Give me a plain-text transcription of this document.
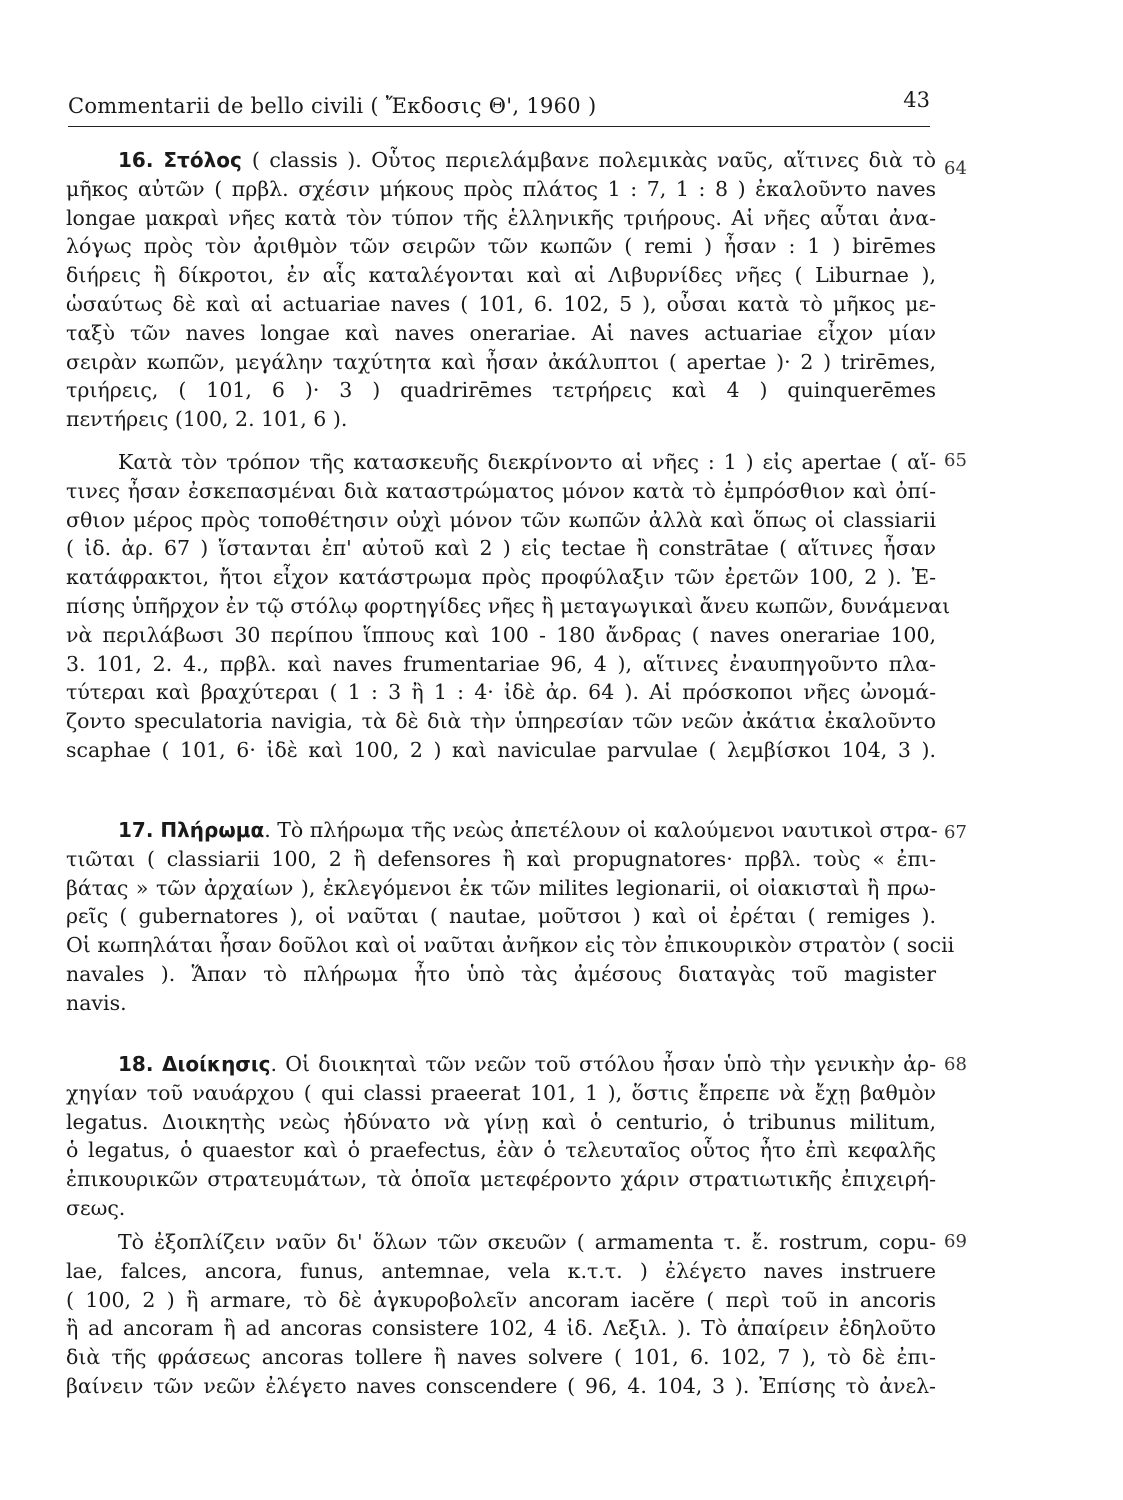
Commentarii de bello civili ( Ἔκδοσις Θ', 1960 )	43
16. Στόλος ( classis ). Οὗτος περιελάμβανε πολεμικὰς ναῦς, αἵτινες διὰ τὸ
μῆκος αὐτῶν ( πρβλ. σχέσιν μήκους πρὸς πλάτος 1 : 7, 1 : 8 ) ἐκαλοῦντο naves
longae μακραὶ νῆες κατὰ τὸν τύπον τῆς ἑλληνικῆς τριήρους. Αἱ νῆες αὗται ἀνα-
λόγως πρὸς τὸν ἀριθμὸν τῶν σειρῶν τῶν κωπῶν ( remi ) ἦσαν : 1 ) birēmes
διήρεις ἢ δίκροτοι, ἐν αἷς καταλέγονται καὶ αἱ Λιβυρνίδες νῆες ( Liburnae ),
ὡσαύτως δὲ καὶ αἱ actuariae naves ( 101, 6. 102, 5 ), οὖσαι κατὰ τὸ μῆκος με-
ταξὺ τῶν naves longae καὶ naves onerariae. Αἱ naves actuariae εἶχον μίαν
σειρὰν κωπῶν, μεγάλην ταχύτητα καὶ ἦσαν ἀκάλυπτοι ( apertae )· 2 ) trirēmes,
τριήρεις, ( 101, 6 )· 3 ) quadrirēmes τετρήρεις καὶ 4 ) quinquerēmes
πεντήρεις (100, 2. 101, 6 ).
64
Κατὰ τὸν τρόπον τῆς κατασκευῆς διεκρίνοντο αἱ νῆες : 1 ) εἰς apertae ( αἵ-
τινες ἦσαν ἐσκεπασμέναι διὰ καταστρώματος μόνον κατὰ τὸ ἐμπρόσθιον καὶ ὀπί-
σθιον μέρος πρὸς τοποθέτησιν οὐχὶ μόνον τῶν κωπῶν ἀλλὰ καὶ ὅπως οἱ classiarii
( ἰδ. ἀρ. 67 ) ἵστανται ἐπ' αὐτοῦ καὶ 2 ) εἰς tectae ἢ constrātae ( αἵτινες ἦσαν
κατάφρακτοι, ἤτοι εἶχον κατάστρωμα πρὸς προφύλαξιν τῶν ἐρετῶν 100, 2 ). Ἐ-
πίσης ὑπῆρχον ἐν τῷ στόλῳ φορτηγίδες νῆες ἢ μεταγωγικαὶ ἄνευ κωπῶν, δυνάμεναι
νὰ περιλάβωσι 30 περίπου ἵππους καὶ 100 - 180 ἄνδρας ( naves onerariae 100,
3. 101, 2. 4., πρβλ. καὶ naves frumentariae 96, 4 ), αἵτινες ἐναυπηγοῦντο πλα-
τύτεραι καὶ βραχύτεραι ( 1 : 3 ἢ 1 : 4· ἰδὲ ἀρ. 64 ). Αἱ πρόσκοποι νῆες ὠνομά-
ζοντο speculatoria navigia, τὰ δὲ διὰ τὴν ὑπηρεσίαν τῶν νεῶν ἀκάτια ἐκαλοῦντο
scaphae ( 101, 6· ἰδὲ καὶ 100, 2 ) καὶ naviculae parvulae ( λεμβίσκοι 104, 3 ).
65
17. Πλήρωμα. Τὸ πλήρωμα τῆς νεὼς ἀπετέλουν οἱ καλούμενοι ναυτικοὶ στρα-
τιῶται ( classiarii 100, 2 ἢ defensores ἢ καὶ propugnatores· πρβλ. τοὺς « ἐπι-
βάτας » τῶν ἀρχαίων ), ἐκλεγόμενοι ἐκ τῶν milites legionarii, οἱ οἰακισταὶ ἢ πρω-
ρεῖς ( gubernatores ), οἱ ναῦται ( nautae, μοῦτσοι ) καὶ οἱ ἐρέται ( remiges ).
Οἱ κωπηλάται ἦσαν δοῦλοι καὶ οἱ ναῦται ἀνῆκον εἰς τὸν ἐπικουρικὸν στρατὸν ( socii
navales ). Ἅπαν τὸ πλήρωμα ἦτο ὑπὸ τὰς ἀμέσους διαταγὰς τοῦ magister
navis.
67
18. Διοίκησις. Οἱ διοικηταὶ τῶν νεῶν τοῦ στόλου ἦσαν ὑπὸ τὴν γενικὴν ἀρ-
χηγίαν τοῦ ναυάρχου ( qui classi praeerat 101, 1 ), ὅστις ἔπρεπε νὰ ἔχῃ βαθμὸν
legatus. Διοικητὴς νεὼς ἠδύνατο νὰ γίνῃ καὶ ὁ centurio, ὁ tribunus militum,
ὁ legatus, ὁ quaestor καὶ ὁ praefectus, ἐὰν ὁ τελευταῖος οὗτος ἦτο ἐπὶ κεφαλῆς
ἐπικουρικῶν στρατευμάτων, τὰ ὁποῖα μετεφέροντο χάριν στρατιωτικῆς ἐπιχειρή-
σεως.
68
Τὸ ἐξοπλίζειν ναῦν δι' ὅλων τῶν σκευῶν ( armamenta τ. ἔ. rostrum, copu-
lae, falces, ancora, funus, antemnae, vela κ.τ.τ. ) ἐλέγετο naves instruere
( 100, 2 ) ἢ armare, τὸ δὲ ἀγκυροβολεῖν ancoram iacĕre ( περὶ τοῦ in ancoris
ἢ ad ancoram ἢ ad ancoras consistere 102, 4 ἰδ. Λεξιλ. ). Τὸ ἀπαίρειν ἐδηλοῦτο
διὰ τῆς φράσεως ancoras tollere ἢ naves solvere ( 101, 6. 102, 7 ), τὸ δὲ ἐπι-
βαίνειν τῶν νεῶν ἐλέγετο naves conscendere ( 96, 4. 104, 3 ). Ἐπίσης τὸ ἀνελ-
69
